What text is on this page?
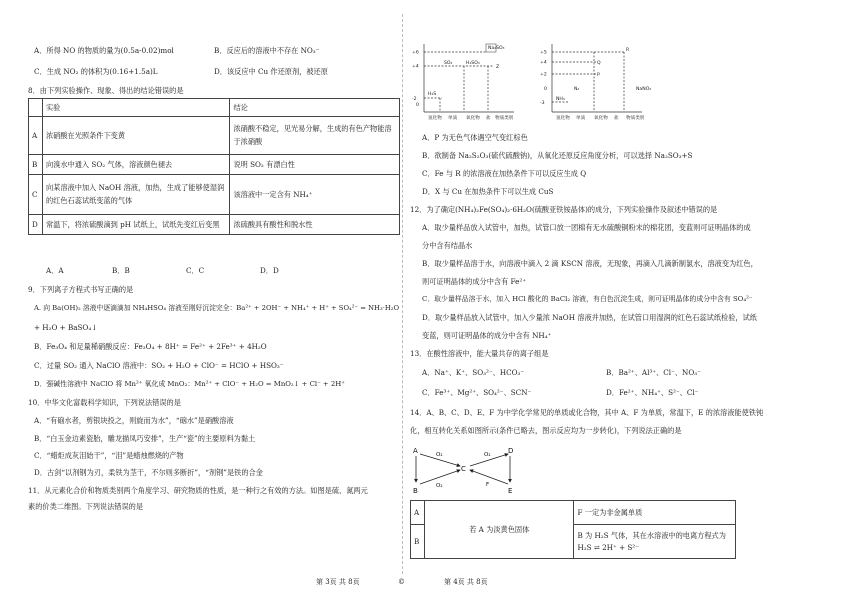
A．所得 NO 的物质的量为(0.5a-0.02)mol	B．反应后的溶液中不存在 NO₃⁻
C．生成 NO₂ 的体积为(0.16+1.5a)L	D．该反应中 Cu 作还原剂，被还原
8．由下列实验操作、现象、得出的结论错误的是
	实验	结论
A	浓硝酸在光照条件下变黄	浓硝酸不稳定，见光易分解，生成的有色产物能溶于浓硝酸
B	向溴水中通入 SO₂ 气体，溶液颜色褪去	说明 SO₂ 有漂白性
C	向某溶液中加入 NaOH 溶液，加热，生成了能够使湿润的红色石蕊试纸变蓝的气体	该溶液中一定含有 NH₄⁺
D	常温下，将浓硫酸滴到 pH 试纸上，试纸先变红后变黑	浓硫酸具有酸性和脱水性
A．A	B．B	C．C	D．D
9．下列离子方程式书写正确的是
A. 向 Ba(OH)₂ 溶液中逐滴滴加 NH₄HSO₄ 溶液至刚好沉淀完全：Ba²⁺ + 2OH⁻ + NH₄⁺ + H⁺ + SO₄²⁻ = NH₃·H₂O
+ H₂O + BaSO₄↓
B．Fe₃O₄ 和足量稀硝酸反应：Fe₃O₄ + 8H⁺ = Fe²⁺ + 2Fe³⁺ + 4H₂O
C．过量 SO₂ 通入 NaClO 溶液中：SO₂ + H₂O + ClO⁻ = HClO + HSO₃⁻
D．强碱性溶液中 NaClO 将 Mn²⁺ 氧化成 MnO₂：Mn²⁺ + ClO⁻ + H₂O = MnO₂↓ + Cl⁻ + 2H⁺
10．中华文化富载科学知识，下列说法错误的是
A．“有硇水者，剪银块投之，则旋而为水”，“硇水”是硝酸溶液
B．“白玉金边素瓷胎，雕龙描凤巧安排”，生产“瓷”的主要原料为黏土
C．“蜡炬成灰泪始干”，“泪”是蜡烛燃烧的产物
D．古剑“以剂钢为刃，柔铁为茎干，不尔则多断折”，“剂钢”是铁的合金
11．从元素化合价和物质类别两个角度学习、研究物质的性质，是一种行之有效的方法。如图是硫、氮两元
素的价类二维图。下列说法错误的是
+6
+4
0
-2
氢化物 单质 氧化物 盐 物质类别
Na₂SO₃
SO₂	H₂SO₃
Z
H₂S
+5
+4
+2
0
-3
氢化物 单质 氧化物 盐 物质类别
R
Q
P
N₂
NH₃
NaNO₃
A．P 为无色气体遇空气变红棕色
B．欲制备 Na₂S₂O₃(硫代硫酸钠)，从氧化还原反应角度分析，可以选择 Na₂SO₃+S
C．Fe 与 R 的浓溶液在加热条件下可以反应生成 Q
D．X 与 Cu 在加热条件下可以生成 CuS
12．为了确定(NH₄)₂Fe(SO₄)₂·6H₂O(硫酸亚铁铵晶体)的成分，下列实验操作及叙述中错误的是
A．取少量样品放入试管中，加热，试管口放一团棉有无水硫酸铜粉末的棉花团，变蓝则可证明晶体的成
分中含有结晶水
B．取少量样品溶于水，向溶液中滴入 2 滴 KSCN 溶液，无现象，再滴入几滴新制氯水，溶液变为红色，
则可证明晶体的成分中含有 Fe²⁺
C．取少量样品溶于水，加入 HCl 酸化的 BaCl₂ 溶液，有白色沉淀生成，则可证明晶体的成分中含有 SO₄²⁻
D．取少量样品放入试管中，加入少量浓 NaOH 溶液并加热，在试管口用湿润的红色石蕊试纸检验，试纸
变蓝，则可证明晶体的成分中含有 NH₄⁺
13．在酸性溶液中，能大量共存的离子组是
A．Na⁺、K⁺、SO₃²⁻、HCO₃⁻	B．Ba²⁺、Al³⁺、Cl⁻、NO₃⁻
C．Fe³⁺、Mg²⁺、SO₄²⁻、SCN⁻	D．Fe²⁺、NH₄⁺、S²⁻、Cl⁻
14．A、B、C、D、E、F 为中学化学常见的单质或化合物，其中 A、F 为单质，常温下，E 的浓溶液能使铁钝
化，相互转化关系如图所示(条件已略去，图示反应均为一步转化)，下列说法正确的是
A
B
C
D
E
O₂
O₂
O₂
F
A	若 A 为淡黄色固体	F 一定为非金属单质
B		B 为 H₂S 气体，其在水溶液中的电离方程式为
H₂S ⇌ 2H⁺ + S²⁻
第 3页 共 8页	©	第 4页 共 8页
